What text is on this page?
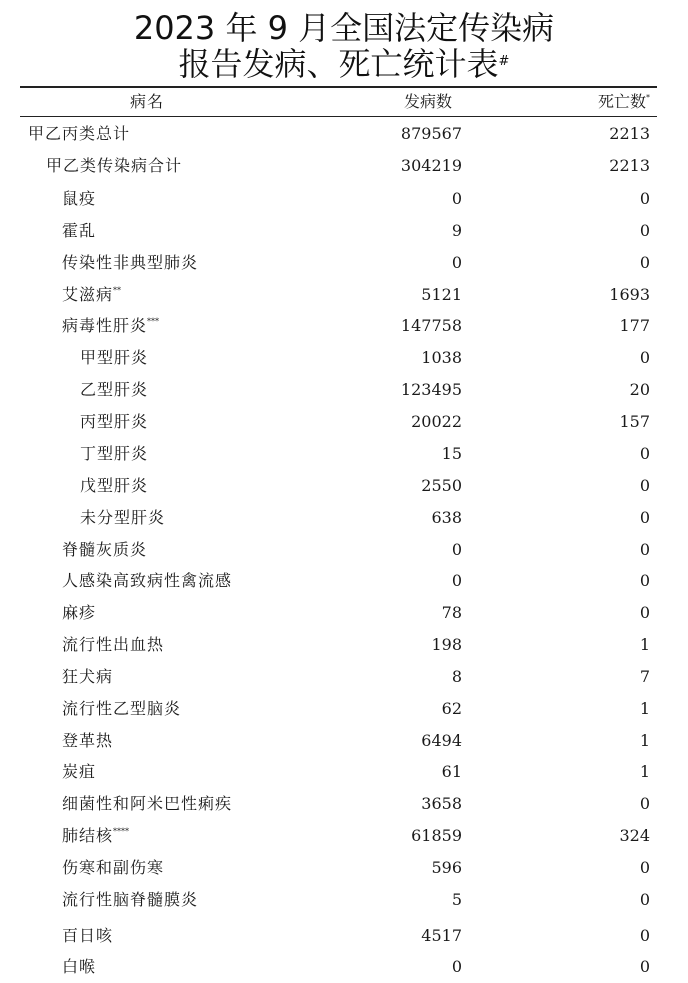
2023 年 9 月全国法定传染病
报告发病、死亡统计表#
病名	发病数	死亡数*
甲乙丙类总计	879567	2213
甲乙类传染病合计	304219	2213
鼠疫	0	0
霍乱	9	0
传染性非典型肺炎	0	0
艾滋病**	5121	1693
病毒性肝炎***	147758	177
甲型肝炎	1038	0
乙型肝炎	123495	20
丙型肝炎	20022	157
丁型肝炎	15	0
戊型肝炎	2550	0
未分型肝炎	638	0
脊髓灰质炎	0	0
人感染高致病性禽流感	0	0
麻疹	78	0
流行性出血热	198	1
狂犬病	8	7
流行性乙型脑炎	62	1
登革热	6494	1
炭疽	61	1
细菌性和阿米巴性痢疾	3658	0
肺结核****	61859	324
伤寒和副伤寒	596	0
流行性脑脊髓膜炎	5	0
百日咳	4517	0
白喉	0	0
